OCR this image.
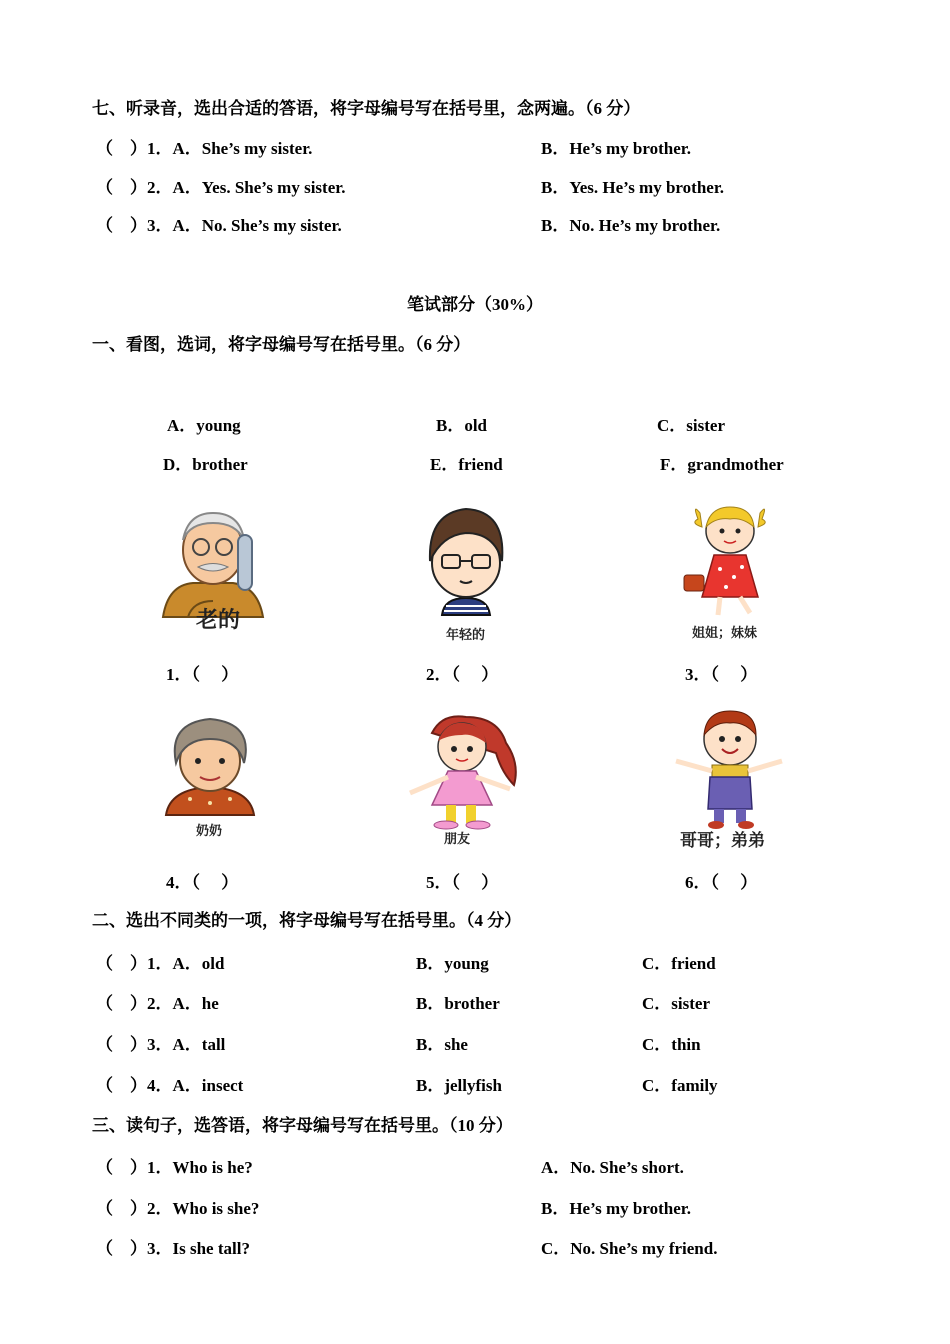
七、听录音，选出合适的答语，将字母编号写在括号里，念两遍。（6 分）
（　）1．A．She’s my sister.	B．He’s my brother.
（　）2．A．Yes. She’s my sister.	B．Yes. He’s my brother.
（　）3．A．No. She’s my sister.	B．No. He’s my brother.
笔试部分（30%）
一、看图，选词，将字母编号写在括号里。（6 分）
A．young	B．old	C．sister
D．brother	E．friend	F．grandmother
老的
年轻的	姐姐；妹妹
1．（　 ）	2．（　 ）	3．（　 ）
奶奶
朋友	哥哥；弟弟
4．（　 ）	5．（　 ）	6．（　 ）
二、选出不同类的一项，将字母编号写在括号里。（4 分）
（　）1．A．old	B．young	C．friend
（　）2．A．he	B．brother	C．sister
（　）3．A．tall	B．she	C．thin
（　）4．A．insect	B．jellyfish	C．family
三、读句子，选答语，将字母编号写在括号里。（10 分）
（　）1．Who is he?	A．No. She’s short.
（　）2．Who is she?	B．He’s my brother.
（　）3．Is she tall?	C．No. She’s my friend.
